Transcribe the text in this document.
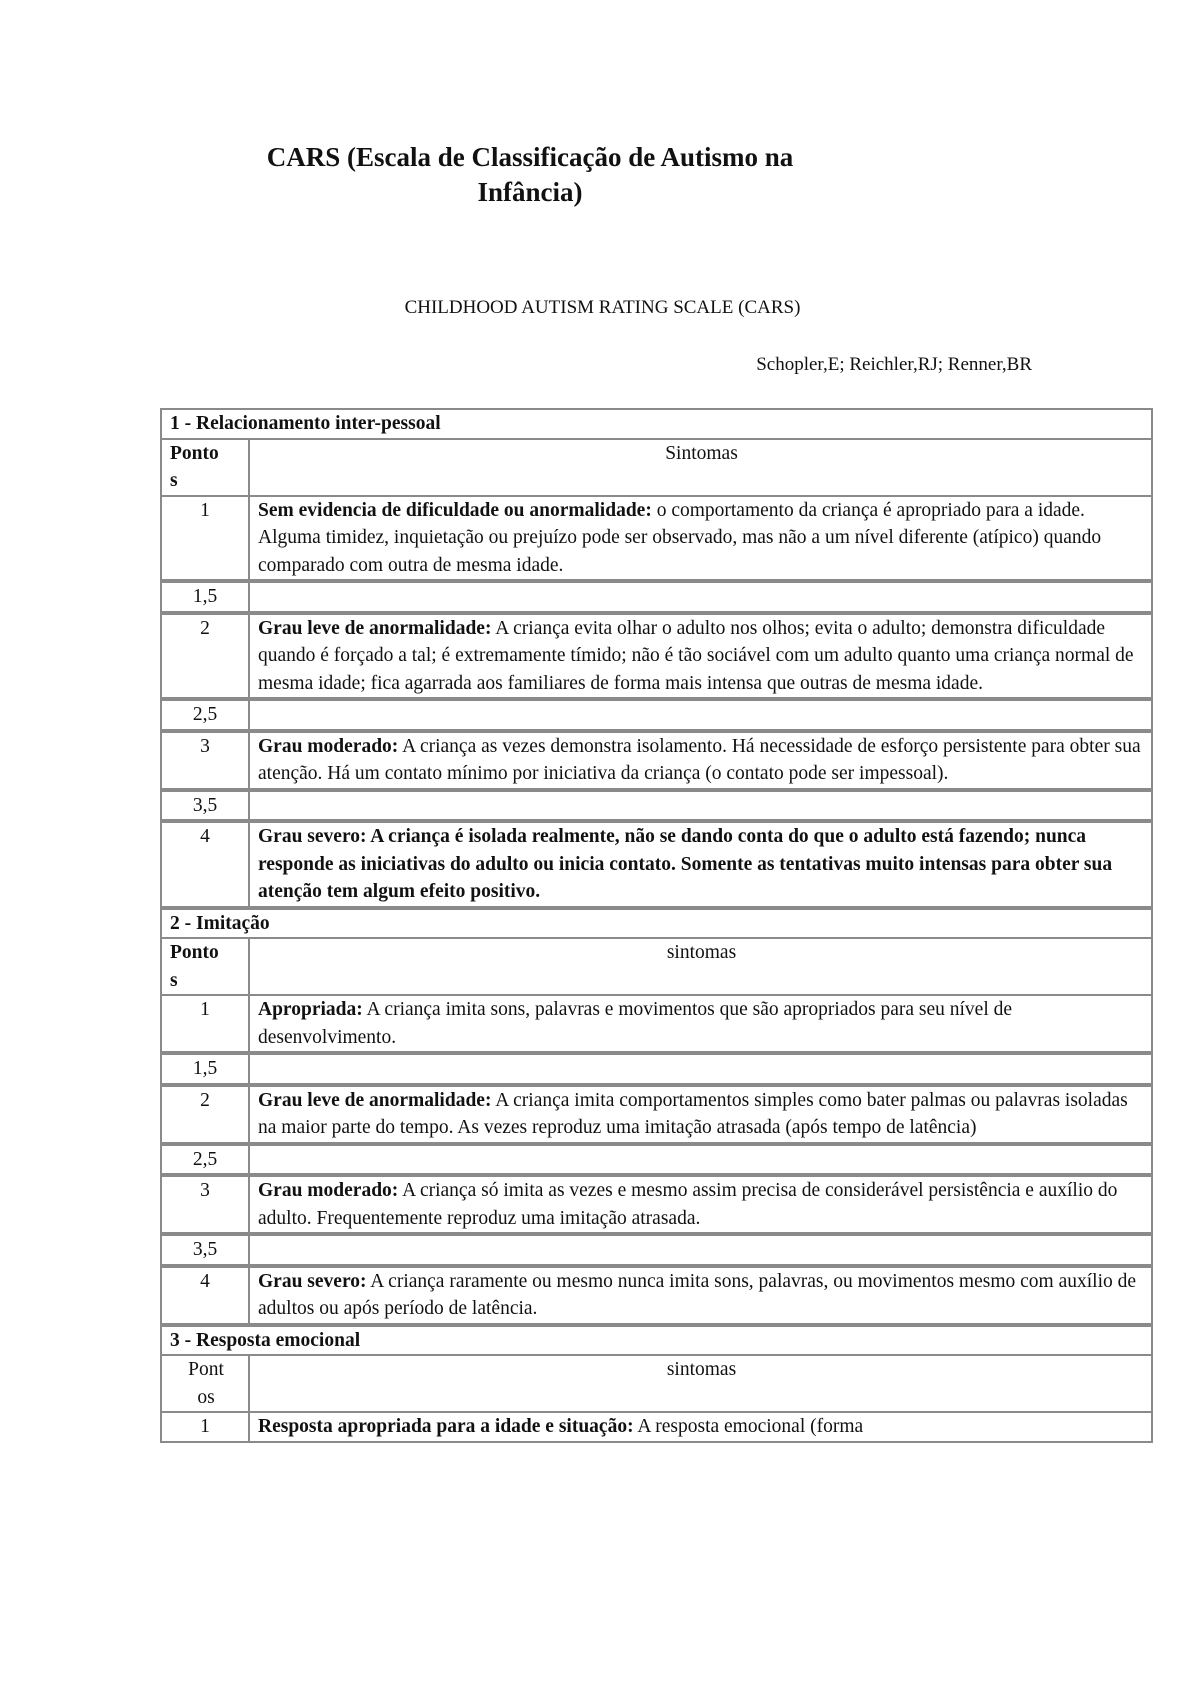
CARS (Escala de Classificação de Autismo na
Infância)

CHILDHOOD AUTISM RATING SCALE (CARS)

Schopler,E; Reichler,RJ; Renner,BR

1 - Relacionamento inter-pessoal	
Ponto
s	Sintomas
1	Sem evidencia de dificuldade ou anormalidade: o comportamento da criança é apropriado para a idade. Alguma timidez, inquietação ou prejuízo pode ser observado, mas não a um nível diferente (atípico) quando comparado com outra de mesma idade.
1,5	
2	Grau leve de anormalidade: A criança evita olhar o adulto nos olhos; evita o adulto; demonstra dificuldade quando é forçado a tal; é extremamente tímido; não é tão sociável com um adulto quanto uma criança normal de mesma idade; fica agarrada aos familiares de forma mais intensa que outras de mesma idade.
2,5	
3	Grau moderado: A criança as vezes demonstra isolamento. Há necessidade de esforço persistente para obter sua atenção. Há um contato mínimo por iniciativa da criança (o contato pode ser impessoal).
3,5	
4	Grau severo: A criança é isolada realmente, não se dando conta do que o adulto está fazendo; nunca responde as iniciativas do adulto ou inicia contato. Somente as tentativas muito intensas para obter sua atenção tem algum efeito positivo.
2 - Imitação	
Ponto
s	sintomas
1	Apropriada: A criança imita sons, palavras e movimentos que são apropriados para seu nível de desenvolvimento.
1,5	
2	Grau leve de anormalidade: A criança imita comportamentos simples como bater palmas ou palavras isoladas na maior parte do tempo. As vezes reproduz uma imitação atrasada (após tempo de latência)
2,5	
3	Grau moderado: A criança só imita as vezes e mesmo assim precisa de considerável persistência e auxílio do adulto. Frequentemente reproduz uma imitação atrasada.
3,5	
4	Grau severo: A criança raramente ou mesmo nunca imita sons, palavras, ou movimentos mesmo com auxílio de adultos ou após período de latência.
3 - Resposta emocional	
Pont
os	sintomas
1	Resposta apropriada para a idade e situação: A resposta emocional (forma
